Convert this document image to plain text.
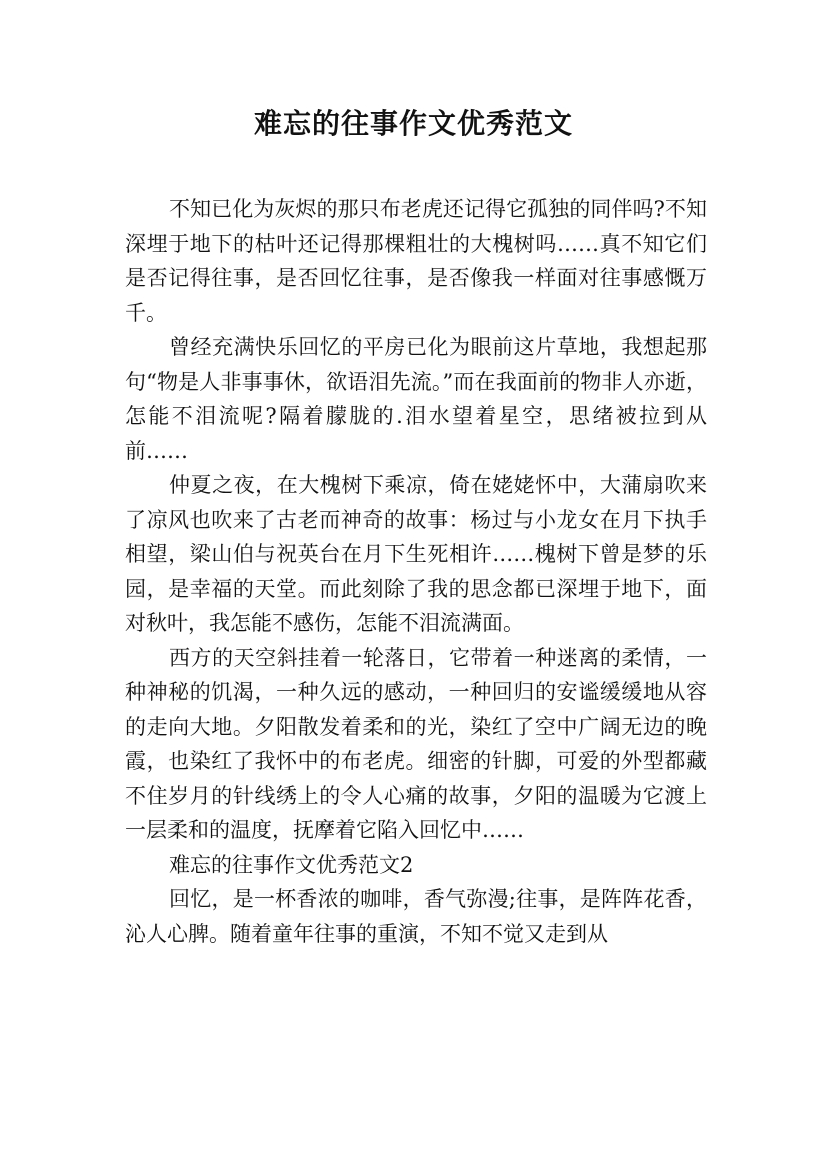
难忘的往事作文优秀范文

不知已化为灰烬的那只布老虎还记得它孤独的同伴吗?不知深埋于地下的枯叶还记得那棵粗壮的大槐树吗……真不知它们是否记得往事，是否回忆往事，是否像我一样面对往事感慨万千。

曾经充满快乐回忆的平房已化为眼前这片草地，我想起那句“物是人非事事休，欲语泪先流。”而在我面前的物非人亦逝，怎能不泪流呢?隔着朦胧的.泪水望着星空，思绪被拉到从前……

仲夏之夜，在大槐树下乘凉，倚在姥姥怀中，大蒲扇吹来了凉风也吹来了古老而神奇的故事：杨过与小龙女在月下执手相望，梁山伯与祝英台在月下生死相许……槐树下曾是梦的乐园，是幸福的天堂。而此刻除了我的思念都已深埋于地下，面对秋叶，我怎能不感伤，怎能不泪流满面。

西方的天空斜挂着一轮落日，它带着一种迷离的柔情，一种神秘的饥渴，一种久远的感动，一种回归的安谧缓缓地从容的走向大地。夕阳散发着柔和的光，染红了空中广阔无边的晚霞，也染红了我怀中的布老虎。细密的针脚，可爱的外型都藏不住岁月的针线绣上的令人心痛的故事，夕阳的温暖为它渡上一层柔和的温度，抚摩着它陷入回忆中……

难忘的往事作文优秀范文2

回忆，是一杯香浓的咖啡，香气弥漫;往事，是阵阵花香，沁人心脾。随着童年往事的重演，不知不觉又走到从
